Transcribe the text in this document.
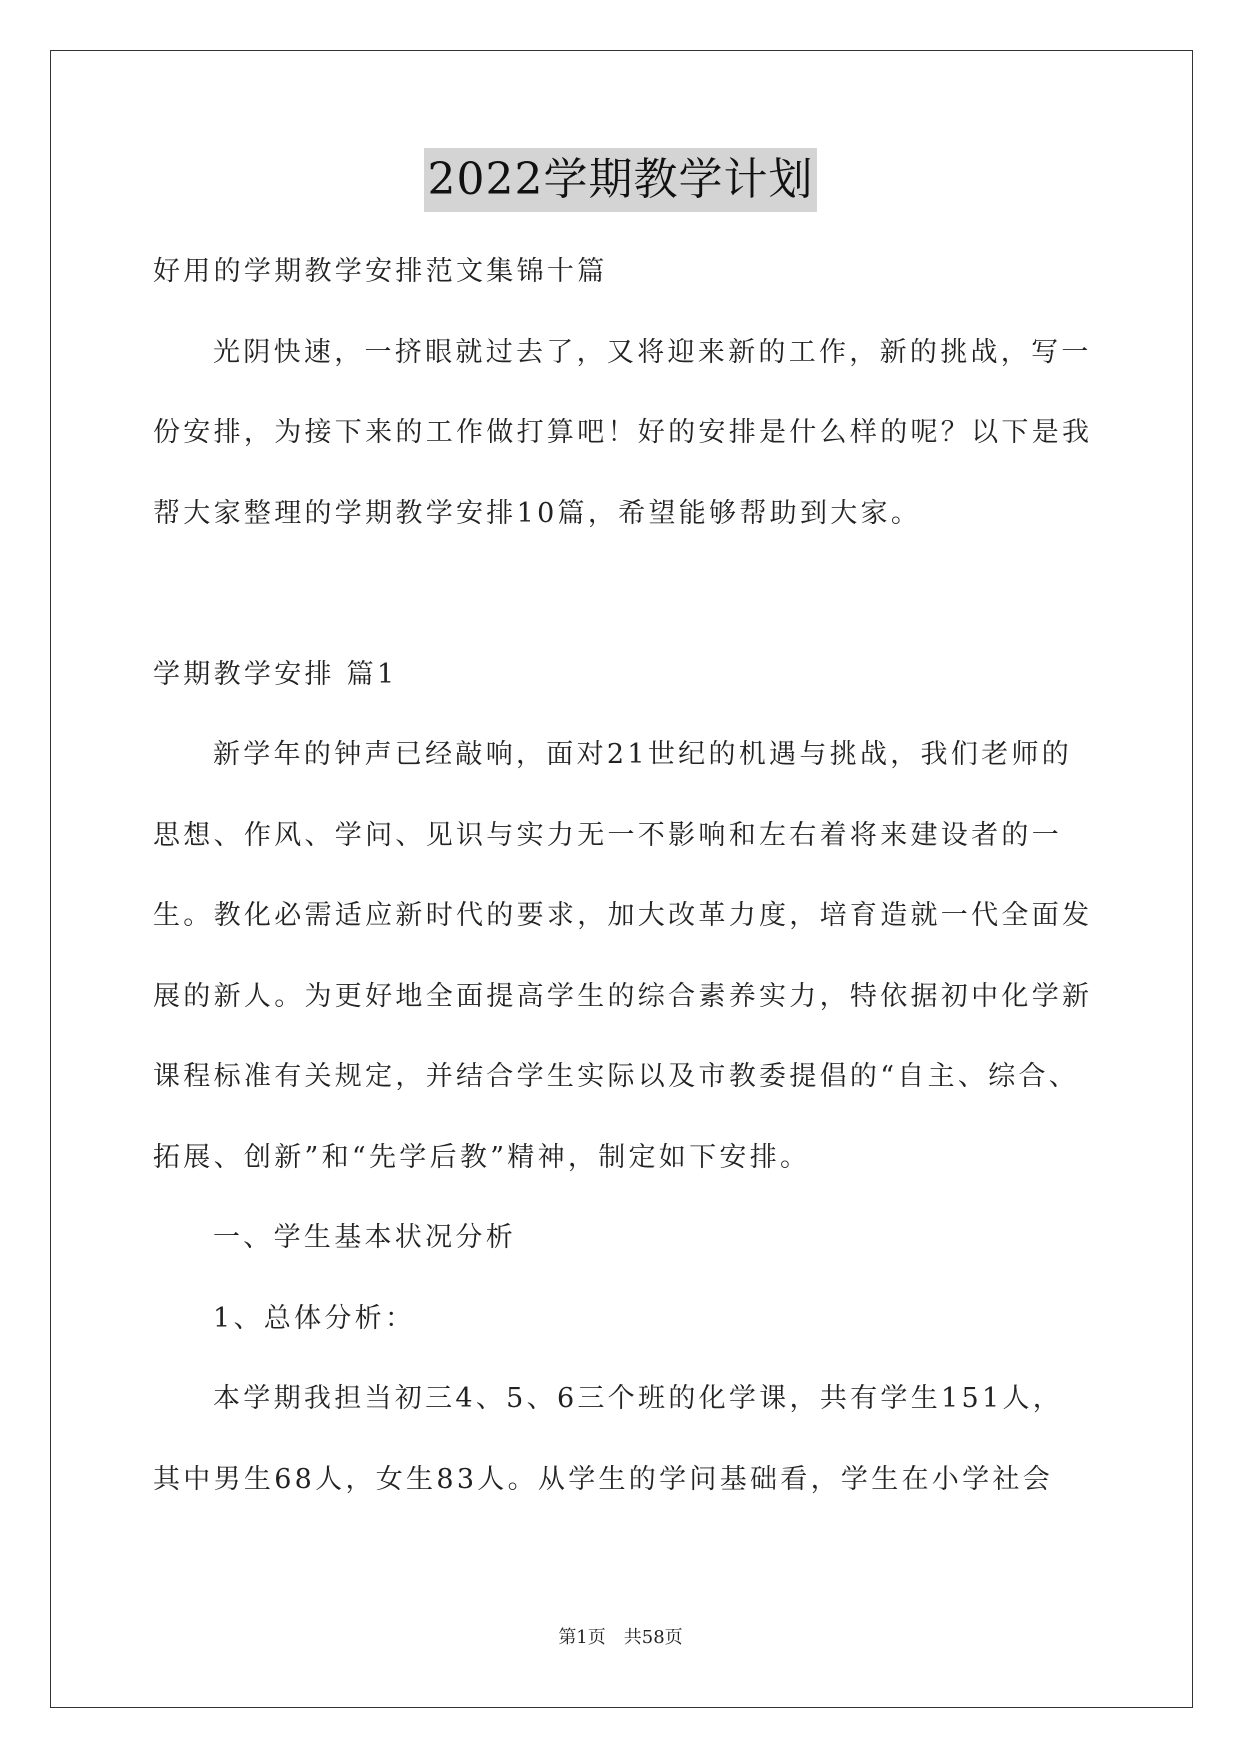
2022学期教学计划

好用的学期教学安排范文集锦十篇

光阴快速，一挤眼就过去了，又将迎来新的工作，新的挑战，写一份安排，为接下来的工作做打算吧！好的安排是什么样的呢？以下是我帮大家整理的学期教学安排10篇，希望能够帮助到大家。

学期教学安排 篇1

新学年的钟声已经敲响，面对21世纪的机遇与挑战，我们老师的思想、作风、学问、见识与实力无一不影响和左右着将来建设者的一生。教化必需适应新时代的要求，加大改革力度，培育造就一代全面发展的新人。为更好地全面提高学生的综合素养实力，特依据初中化学新课程标准有关规定，并结合学生实际以及市教委提倡的“自主、综合、拓展、创新”和“先学后教”精神，制定如下安排。

一、学生基本状况分析

1、总体分析：

本学期我担当初三4、5、6三个班的化学课，共有学生151人，其中男生68人，女生83人。从学生的学问基础看，学生在小学社会

第1页 共58页
